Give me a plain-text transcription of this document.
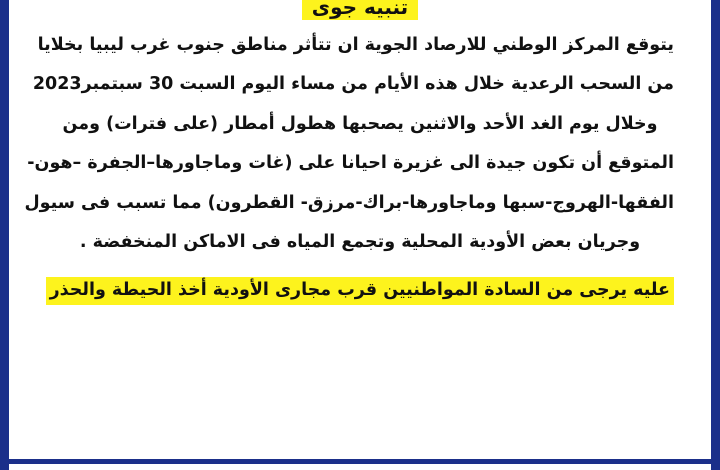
تنبيه جوى

يتوقع المركز الوطني للارصاد الجوية ان تتأثر مناطق جنوب غرب ليبيا بخلايا

من السحب الرعدية خلال هذه الأيام من مساء اليوم السبت 30 سبتمبر2023

وخلال يوم الغد الأحد والاثنين يصحبها هطول أمطار (على فترات) ومن

المتوقع أن تكون جيدة الى غزيرة احيانا على (غات وماجاورها–الجفرة –هون-

الفقها-الهروج-سبها وماجاورها-براك-مرزق- القطرون) مما تسبب فى سيول

وجريان بعض الأودية المحلية وتجمع المياه فى الاماكن المنخفضة .

عليه يرجى من السادة المواطنيين قرب مجارى الأودية أخذ الحيطة والحذر
